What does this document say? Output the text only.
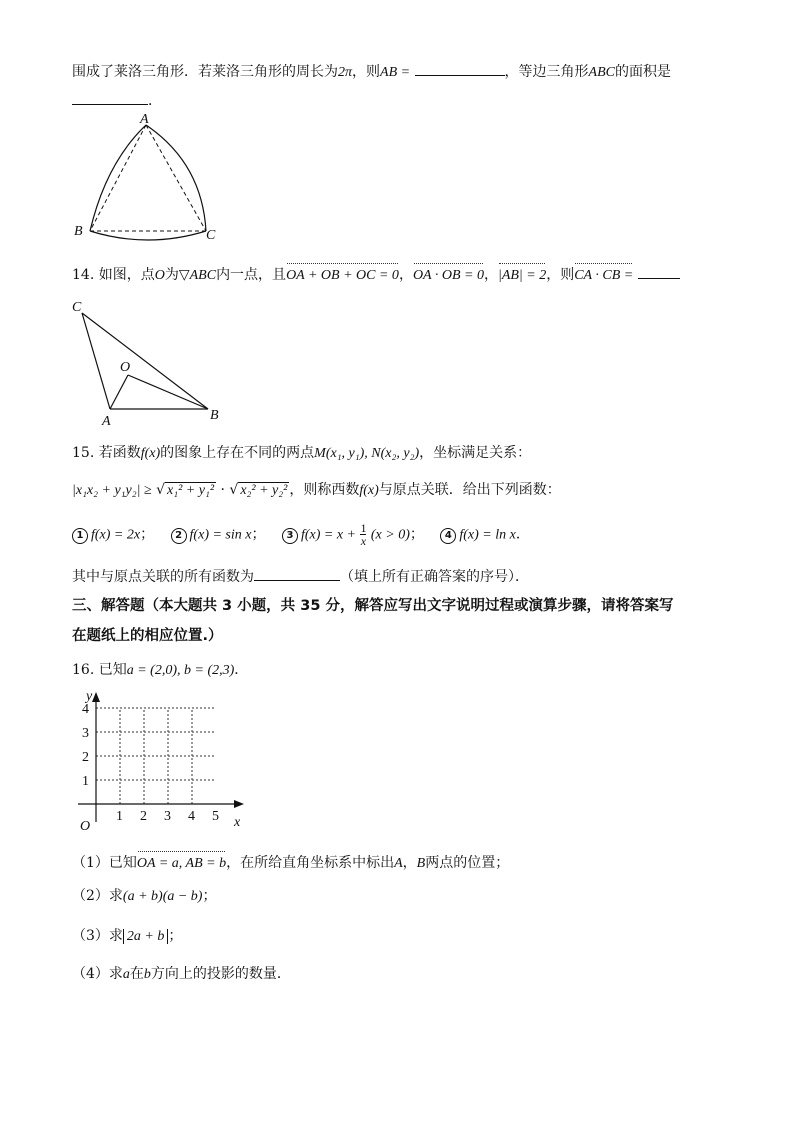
围成了莱洛三角形．若莱洛三角形的周长为2π，则AB =	，等边三角形ABC的面积是
．
A
B	C
14. 如图，点O为▽ABC内一点，且OA + OB + OC = 0，OA · OB = 0，|AB| = 2，则CA · CB =
C
O
A	B
15. 若函数f(x)的图象上存在不同的两点M(x₁, y₁), N(x₂, y₂)，坐标满足关系：
|x₁x₂ + y₁y₂| ≥ √ x₁² + y₁² · √ x₂² + y₂² ，则称西数f(x)与原点关联．给出下列函数：
1 f(x) = 2x； 2 f(x) = sin x； 3 $f(x) = x + \frac{1}{x} (x > 0)$； 4 f(x) = ln x．
其中与原点关联的所有函数为	（填上所有正确答案的序号）．
三、解答题（本大题共 3 小题，共 35 分，解答应写出文字说明过程或演算步骤，请将答案写
在题纸上的相应位置.）
16. 已知a = (2,0), b = (2,3)．
y
x
O
1 2 3 4 5
1
2
3
4
（1）已知OA = a, AB = b，在所给直角坐标系中标出A，B两点的位置；
（2）求(a + b)(a − b)；
（3）求 2a + b ；
（4）求a在b方向上的投影的数量．
